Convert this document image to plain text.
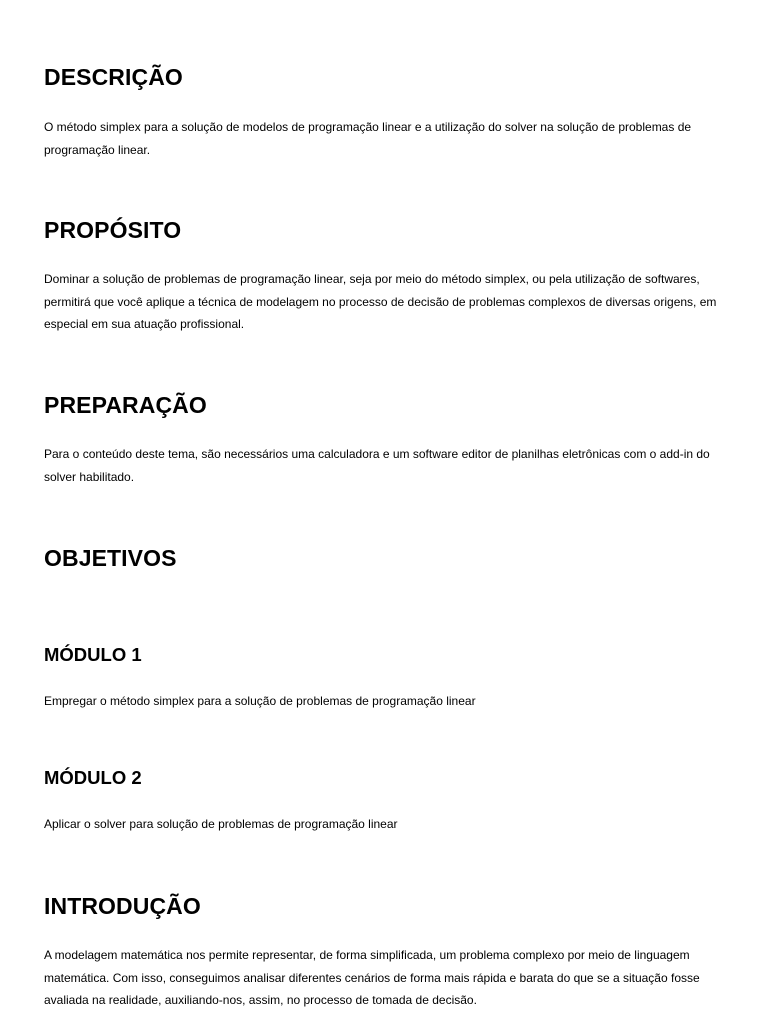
DESCRIÇÃO

O método simplex para a solução de modelos de programação linear e a utilização do solver na solução de problemas de programação linear.

PROPÓSITO

Dominar a solução de problemas de programação linear, seja por meio do método simplex, ou pela utilização de softwares, permitirá que você aplique a técnica de modelagem no processo de decisão de problemas complexos de diversas origens, em especial em sua atuação profissional.

PREPARAÇÃO

Para o conteúdo deste tema, são necessários uma calculadora e um software editor de planilhas eletrônicas com o add-in do solver habilitado.

OBJETIVOS
MÓDULO 1

Empregar o método simplex para a solução de problemas de programação linear

MÓDULO 2

Aplicar o solver para solução de problemas de programação linear

INTRODUÇÃO

A modelagem matemática nos permite representar, de forma simplificada, um problema complexo por meio de linguagem matemática. Com isso, conseguimos analisar diferentes cenários de forma mais rápida e barata do que se a situação fosse avaliada na realidade, auxiliando-nos, assim, no processo de tomada de decisão.
